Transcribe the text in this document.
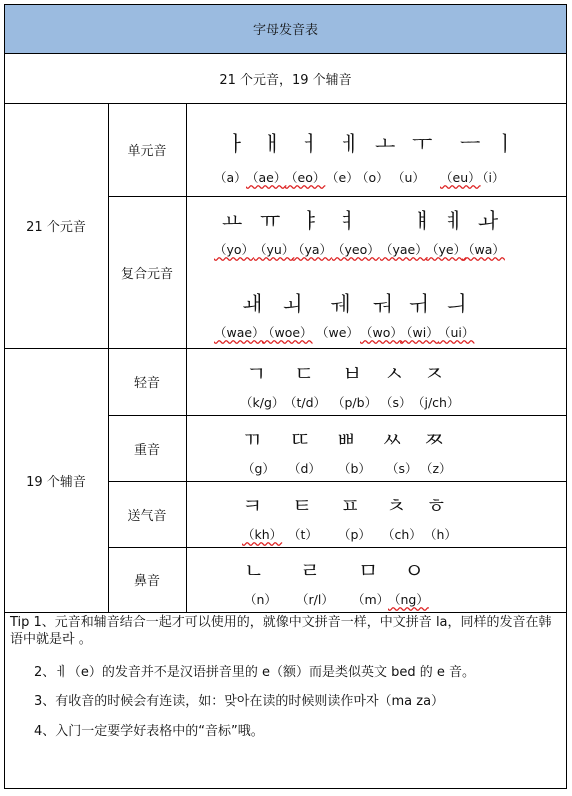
字母发音表
21 个元音，19 个辅音
21 个元音
19 个辅音
单元音
复合元音
轻音
重音
送气音
鼻音
ㅏ ㅐ ㅓ ㅔ ㅗ ㅜ ㅡ ㅣ
（a） （ae）
（eo） （e）
（o） （u） （eu）
（i）
ㅛ ㅠ ㅑ ㅕ	ㅒ ㅖ ㅘ
（yo） （yu）
（ya） （yeo） （yae）
（ye）
（wa）
ㅙ ㅚ ㅞ ㅝ ㅟ ㅢ
（wae）
（woe） （we） （wo）
（wi） （ui）
ㄱ ㄷ ㅂ ㅅ ㅈ
（k/g） （t/d） （p/b） （s） （j/ch）
ㄲ ㄸ ㅃ ㅆ ㅉ
（g） （d） （b） （s） （z）
ㅋ ㅌ ㅍ ㅊ ㅎ
（kh） （t） （p） （ch） （h）
ㄴ ㄹ ㅁ ㅇ
（n） （r/l） （m）
（ng）
Tip 1、元音和辅音结合一起才可以使用的，就像中文拼音一样，中文拼音 la，同样的发音在韩语中就是라 。
2、ㅔ（e）的发音并不是汉语拼音里的 e（额）而是类似英文 bed 的 e 音。
3、有收音的时候会有连读，如：맞아在读的时候则读作마자（ma za）
4、入门一定要学好表格中的“音标”哦。
